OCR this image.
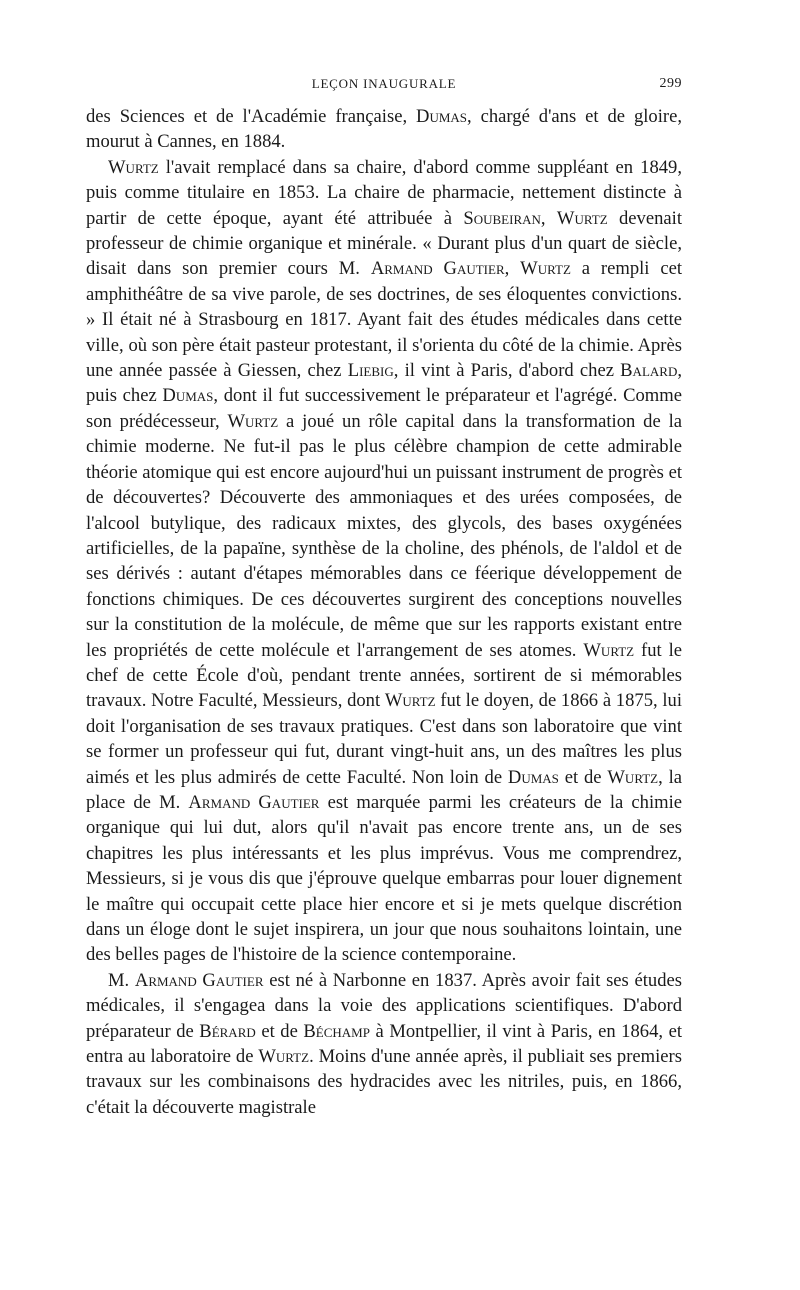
LEÇON INAUGURALE	299

des Sciences et de l'Académie française, Dumas, chargé d'ans et de gloire, mourut à Cannes, en 1884.

Wurtz l'avait remplacé dans sa chaire, d'abord comme suppléant en 1849, puis comme titulaire en 1853. La chaire de pharmacie, nettement distincte à partir de cette époque, ayant été attribuée à Soubeiran, Wurtz devenait professeur de chimie organique et minérale. « Durant plus d'un quart de siècle, disait dans son premier cours M. Armand Gautier, Wurtz a rempli cet amphithéâtre de sa vive parole, de ses doctrines, de ses éloquentes convictions. » Il était né à Strasbourg en 1817. Ayant fait des études médicales dans cette ville, où son père était pasteur protestant, il s'orienta du côté de la chimie. Après une année passée à Giessen, chez Liebig, il vint à Paris, d'abord chez Balard, puis chez Dumas, dont il fut successivement le préparateur et l'agrégé. Comme son prédécesseur, Wurtz a joué un rôle capital dans la transformation de la chimie moderne. Ne fut-il pas le plus célèbre champion de cette admirable théorie atomique qui est encore aujourd'hui un puissant instrument de progrès et de découvertes? Découverte des ammoniaques et des urées composées, de l'alcool butylique, des radicaux mixtes, des glycols, des bases oxygénées artificielles, de la papaïne, synthèse de la choline, des phénols, de l'aldol et de ses dérivés : autant d'étapes mémorables dans ce féerique développement de fonctions chimiques. De ces découvertes surgirent des conceptions nouvelles sur la constitution de la molécule, de même que sur les rapports existant entre les propriétés de cette molécule et l'arrangement de ses atomes. Wurtz fut le chef de cette École d'où, pendant trente années, sortirent de si mémorables travaux. Notre Faculté, Messieurs, dont Wurtz fut le doyen, de 1866 à 1875, lui doit l'organisation de ses travaux pratiques. C'est dans son laboratoire que vint se former un professeur qui fut, durant vingt-huit ans, un des maîtres les plus aimés et les plus admirés de cette Faculté. Non loin de Dumas et de Wurtz, la place de M. Armand Gautier est marquée parmi les créateurs de la chimie organique qui lui dut, alors qu'il n'avait pas encore trente ans, un de ses chapitres les plus intéressants et les plus imprévus. Vous me comprendrez, Messieurs, si je vous dis que j'éprouve quelque embarras pour louer dignement le maître qui occupait cette place hier encore et si je mets quelque discrétion dans un éloge dont le sujet inspirera, un jour que nous souhaitons lointain, une des belles pages de l'histoire de la science contemporaine.

M. Armand Gautier est né à Narbonne en 1837. Après avoir fait ses études médicales, il s'engagea dans la voie des applications scientifiques. D'abord préparateur de Bérard et de Béchamp à Montpellier, il vint à Paris, en 1864, et entra au laboratoire de Wurtz. Moins d'une année après, il publiait ses premiers travaux sur les combinaisons des hydracides avec les nitriles, puis, en 1866, c'était la découverte magistrale
